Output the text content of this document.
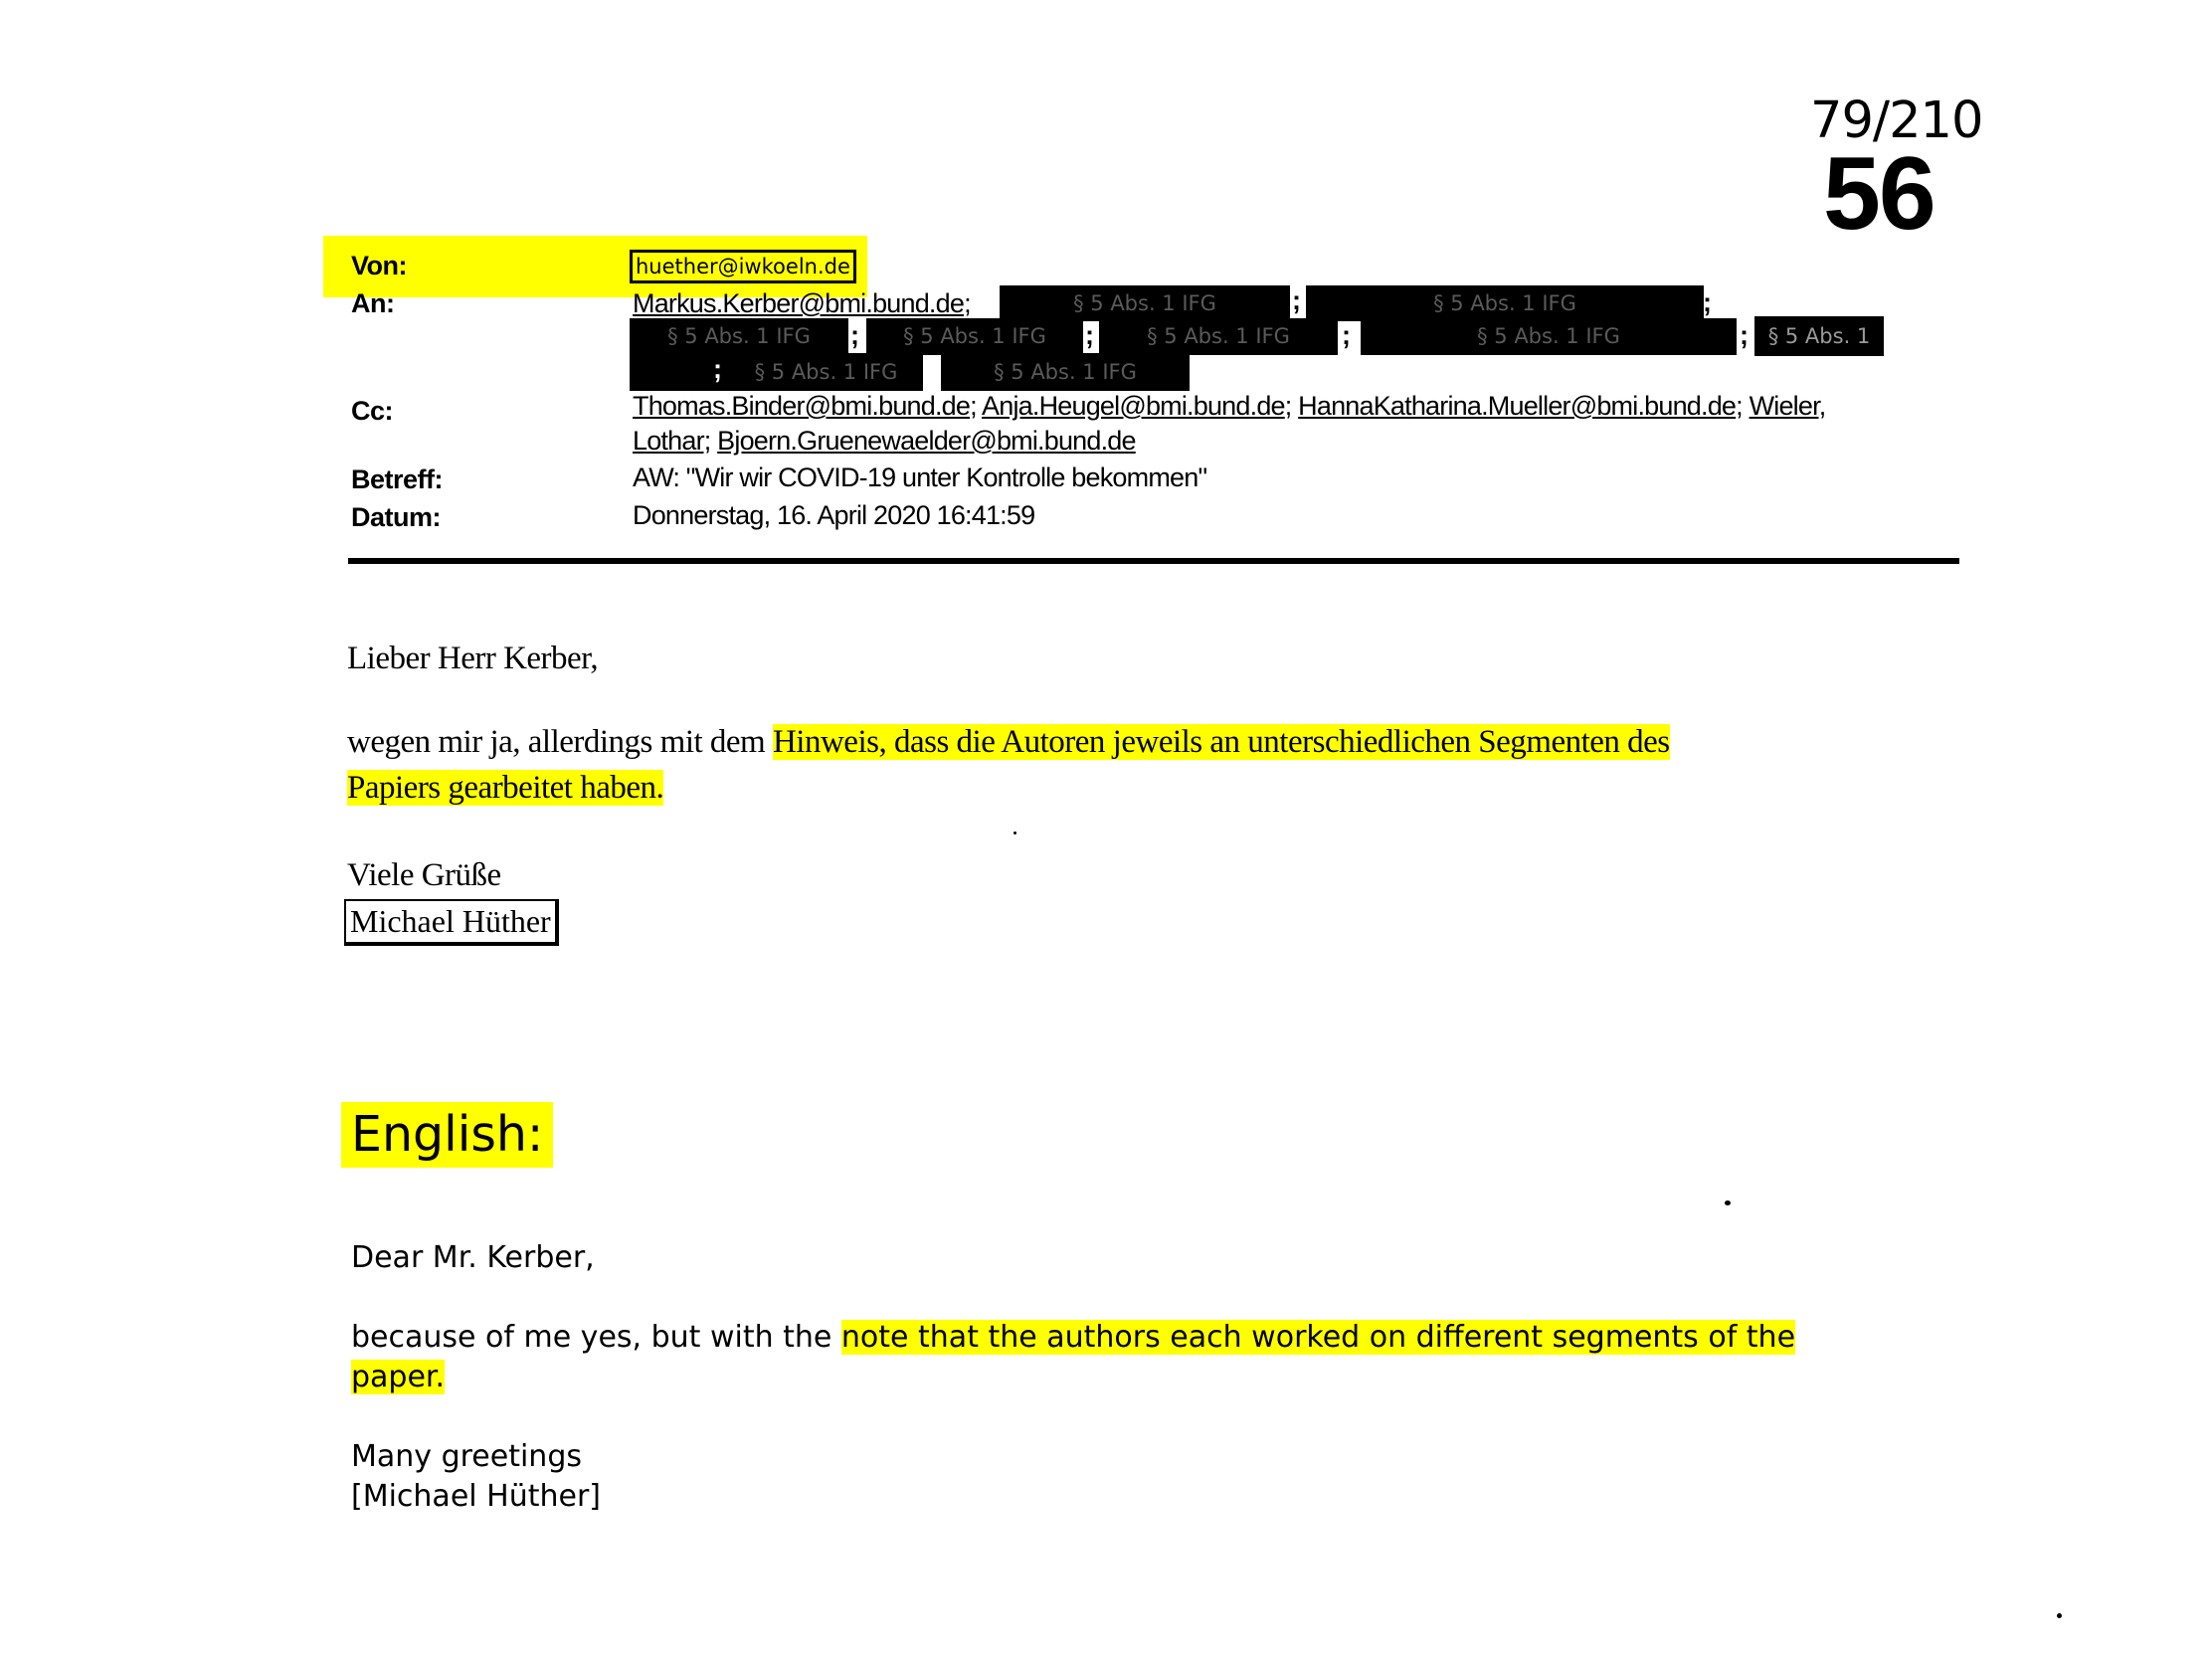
79/210
56
Von:	huether@iwkoeln.de
An:	Markus.Kerber@bmi.bund.de;	§ 5 Abs. 1 IFG	;	§ 5 Abs. 1 IFG	;
§ 5 Abs. 1 IFG	;	§ 5 Abs. 1 IFG	;	§ 5 Abs. 1 IFG	;	§ 5 Abs. 1 IFG	; § 5 Abs. 1
;	§ 5 Abs. 1 IFG	;	§ 5 Abs. 1 IFG
Cc:	Thomas.Binder@bmi.bund.de; Anja.Heugel@bmi.bund.de; HannaKatharina.Mueller@bmi.bund.de; Wieler,
Lothar; Bjoern.Gruenewaelder@bmi.bund.de
Betreff:	AW: "Wir wir COVID-19 unter Kontrolle bekommen"
Datum:	Donnerstag, 16. April 2020 16:41:59
Lieber Herr Kerber,
wegen mir ja, allerdings mit dem Hinweis, dass die Autoren jeweils an unterschiedlichen Segmenten des
Papiers gearbeitet haben.
Viele Grüße
Michael Hüther
English:
Dear Mr. Kerber,
because of me yes, but with the note that the authors each worked on different segments of the
paper.
Many greetings
[Michael Hüther]
